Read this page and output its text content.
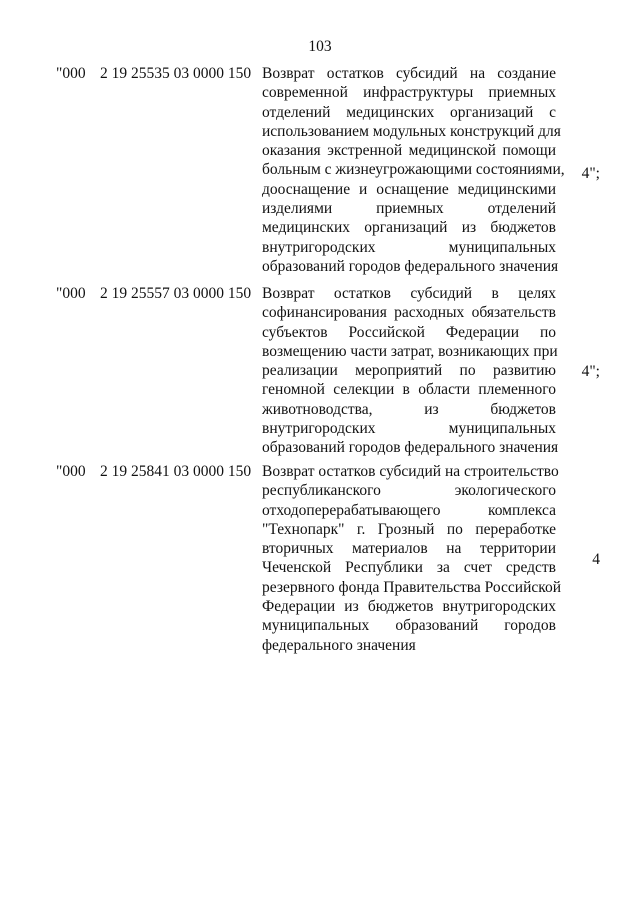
103
"000 2 19 25535 03 0000 150 Возврат остатков субсидий на создание
современной инфраструктуры приемных
отделений медицинских организаций с
использованием модульных конструкций для
оказания экстренной медицинской помощи
больным с жизнеугрожающими состояниями,
дооснащение и оснащение медицинскими
изделиями приемных отделений
медицинских организаций из бюджетов
внутригородских муниципальных
образований городов федерального значения
4";
"000 2 19 25557 03 0000 150 Возврат остатков субсидий в целях
софинансирования расходных обязательств
субъектов Российской Федерации по
возмещению части затрат, возникающих при
реализации мероприятий по развитию
геномной селекции в области племенного
животноводства, из бюджетов
внутригородских муниципальных
образований городов федерального значения
4";
"000 2 19 25841 03 0000 150 Возврат остатков субсидий на строительство
республиканского экологического
отходоперерабатывающего комплекса
"Технопарк" г. Грозный по переработке
вторичных материалов на территории
Чеченской Республики за счет средств
резервного фонда Правительства Российской
Федерации из бюджетов внутригородских
муниципальных образований городов
федерального значения
4
